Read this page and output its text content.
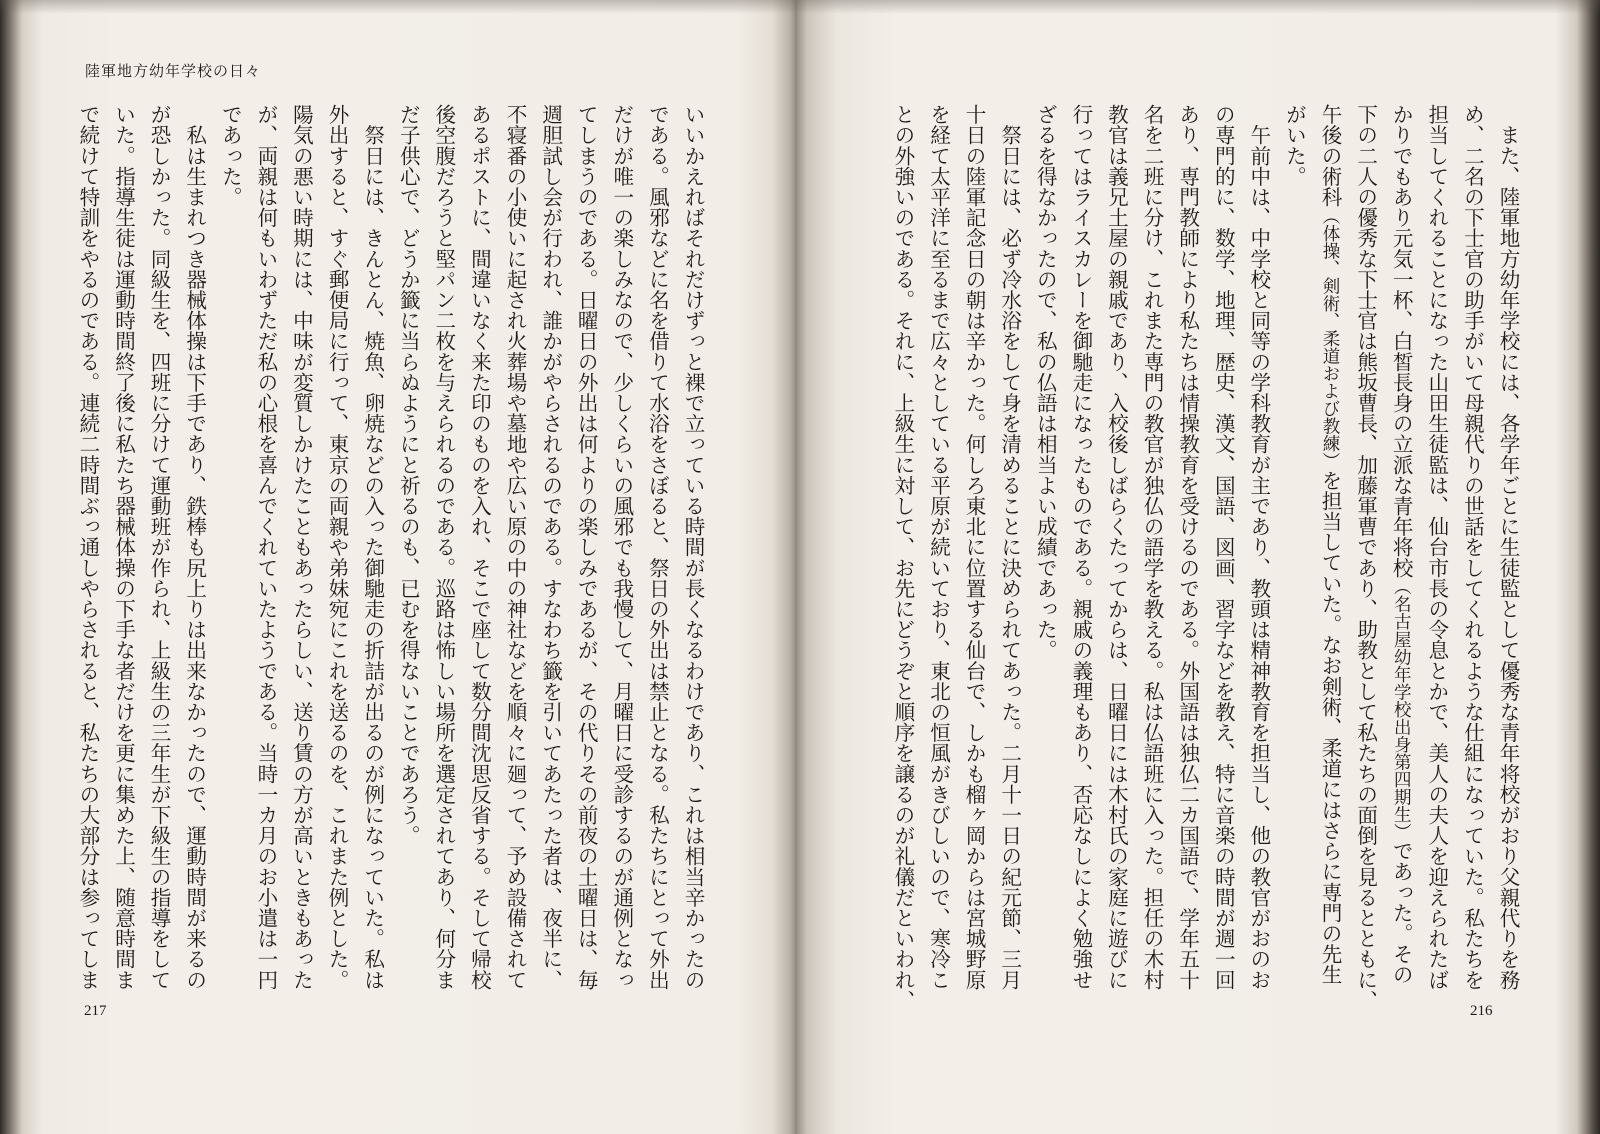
陸軍地方幼年学校の日々
いいかえればそれだけずっと裸で立っている時間が長くなるわけであり、これは相当辛かったの
である。風邪などに名を借りて水浴をさぼると、祭日の外出は禁止となる。私たちにとって外出
だけが唯一の楽しみなので、少しくらいの風邪でも我慢して、月曜日に受診するのが通例となっ
てしまうのである。日曜日の外出は何よりの楽しみであるが、その代りその前夜の土曜日は、毎
週胆試し会が行われ、誰かがやらされるのである。すなわち籤を引いてあたった者は、夜半に、
不寝番の小使いに起され火葬場や墓地や広い原の中の神社などを順々に廻って、予め設備されて
あるポストに、間違いなく来た印のものを入れ、そこで座して数分間沈思反省する。そして帰校
後空腹だろうと堅パン二枚を与えられるのである。巡路は怖しい場所を選定されてあり、何分ま
だ子供心で、どうか籤に当らぬようにと祈るのも、已むを得ないことであろう。
　祭日には、きんとん、焼魚、卵焼などの入った御馳走の折詰が出るのが例になっていた。私は
外出すると、すぐ郵便局に行って、東京の両親や弟妹宛にこれを送るのを、これまた例とした。
陽気の悪い時期には、中味が変質しかけたこともあったらしい、送り賃の方が高いときもあった
が、両親は何もいわずただ私の心根を喜んでくれていたようである。当時一カ月のお小遣は一円
であった。
　私は生まれつき器械体操は下手であり、鉄棒も尻上りは出来なかったので、運動時間が来るの
が恐しかった。同級生を、四班に分けて運動班が作られ、上級生の三年生が下級生の指導をして
いた。指導生徒は運動時間終了後に私たち器械体操の下手な者だけを更に集めた上、随意時間ま
で続けて特訓をやるのである。連続二時間ぶっ通しやらされると、私たちの大部分は参ってしま	　また、陸軍地方幼年学校には、各学年ごとに生徒監として優秀な青年将校がおり父親代りを務
め、二名の下士官の助手がいて母親代りの世話をしてくれるような仕組になっていた。私たちを
担当してくれることになった山田生徒監は、仙台市長の令息とかで、美人の夫人を迎えられたば
かりでもあり元気一杯、白皙長身の立派な青年将校（名古屋幼年学校出身第四期生）であった。その
下の二人の優秀な下士官は熊坂曹長、加藤軍曹であり、助教として私たちの面倒を見るとともに、
午後の術科（体操、剣術、柔道および教練）を担当していた。なお剣術、柔道にはさらに専門の先生
がいた。
　午前中は、中学校と同等の学科教育が主であり、教頭は精神教育を担当し、他の教官がおのお
の専門的に、数学、地理、歴史、漢文、国語、図画、習字などを教え、特に音楽の時間が週一回
あり、専門教師により私たちは情操教育を受けるのである。外国語は独仏二カ国語で、学年五十
名を二班に分け、これまた専門の教官が独仏の語学を教える。私は仏語班に入った。担任の木村
教官は義兄土屋の親戚であり、入校後しばらくたってからは、日曜日には木村氏の家庭に遊びに
行ってはライスカレーを御馳走になったものである。親戚の義理もあり、否応なしによく勉強せ
ざるを得なかったので、私の仏語は相当よい成績であった。
　祭日には、必ず冷水浴をして身を清めることに決められてあった。二月十一日の紀元節、三月
十日の陸軍記念日の朝は辛かった。何しろ東北に位置する仙台で、しかも榴ヶ岡からは宮城野原
を経て太平洋に至るまで広々としている平原が続いており、東北の恒風がきびしいので、寒冷こ
との外強いのである。それに、上級生に対して、お先にどうぞと順序を譲るのが礼儀だといわれ、
217	216
